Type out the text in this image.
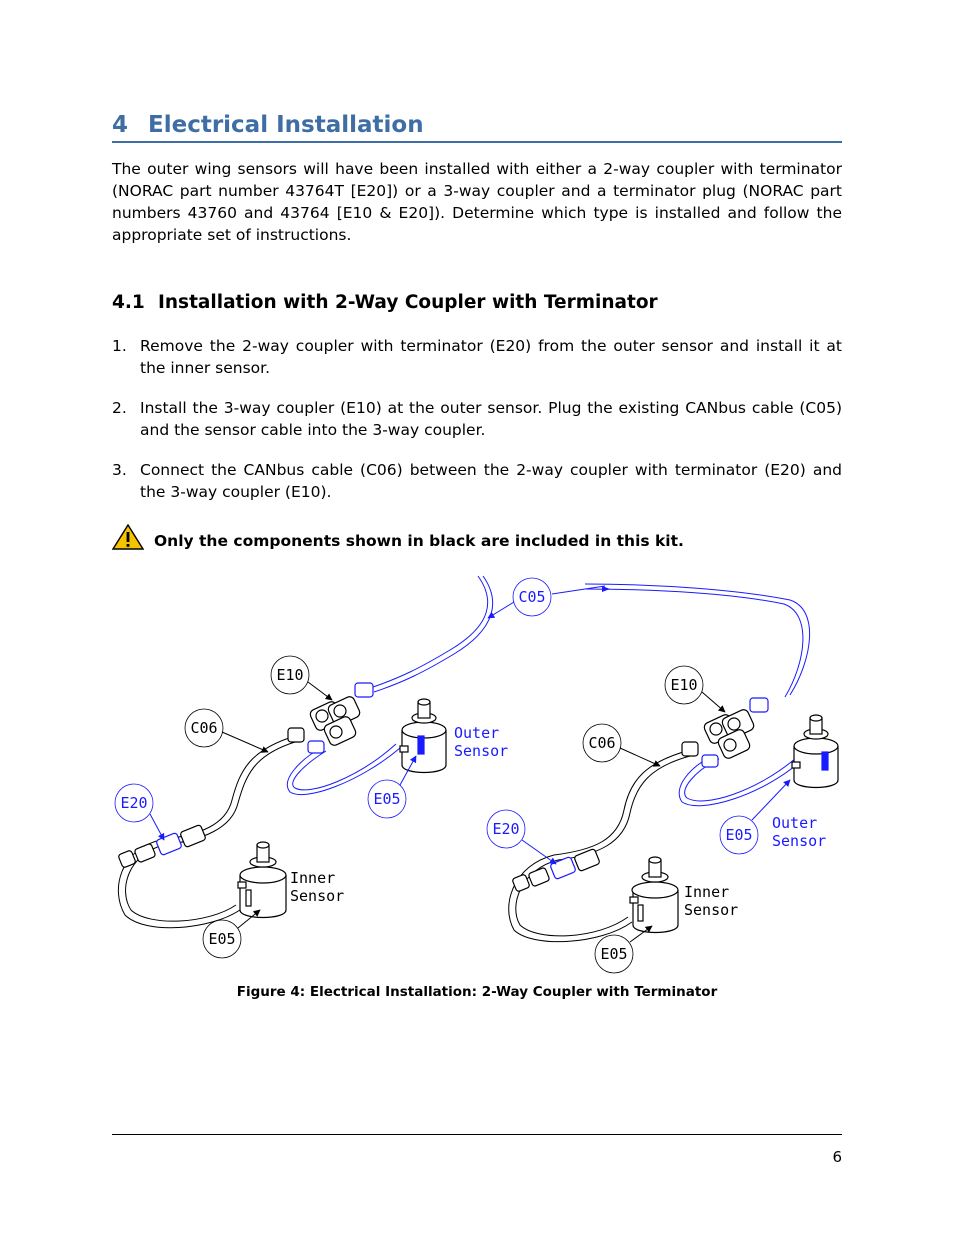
4 Electrical Installation
The outer wing sensors will have been installed with either a 2-way coupler with terminator (NORAC part number 43764T [E20]) or a 3-way coupler and a terminator plug (NORAC part numbers 43760 and 43764 [E10 & E20]). Determine which type is installed and follow the appropriate set of instructions.
4.1 Installation with 2-Way Coupler with Terminator
1. Remove the 2-way coupler with terminator (E20) from the outer sensor and install it at the inner sensor.
2. Install the 3-way coupler (E10) at the outer sensor. Plug the existing CANbus cable (C05) and the sensor cable into the 3-way coupler.
3. Connect the CANbus cable (C06) between the 2-way coupler with terminator (E20) and the 3-way coupler (E10).
Only the components shown in black are included in this kit.
E10
C06
C05
E20	E05
E05
Outer
Sensor
Inner
Sensor
E10
C06
E20	E05
E05
Outer
Sensor
Inner
Sensor
Figure 4: Electrical Installation: 2-Way Coupler with Terminator
6
